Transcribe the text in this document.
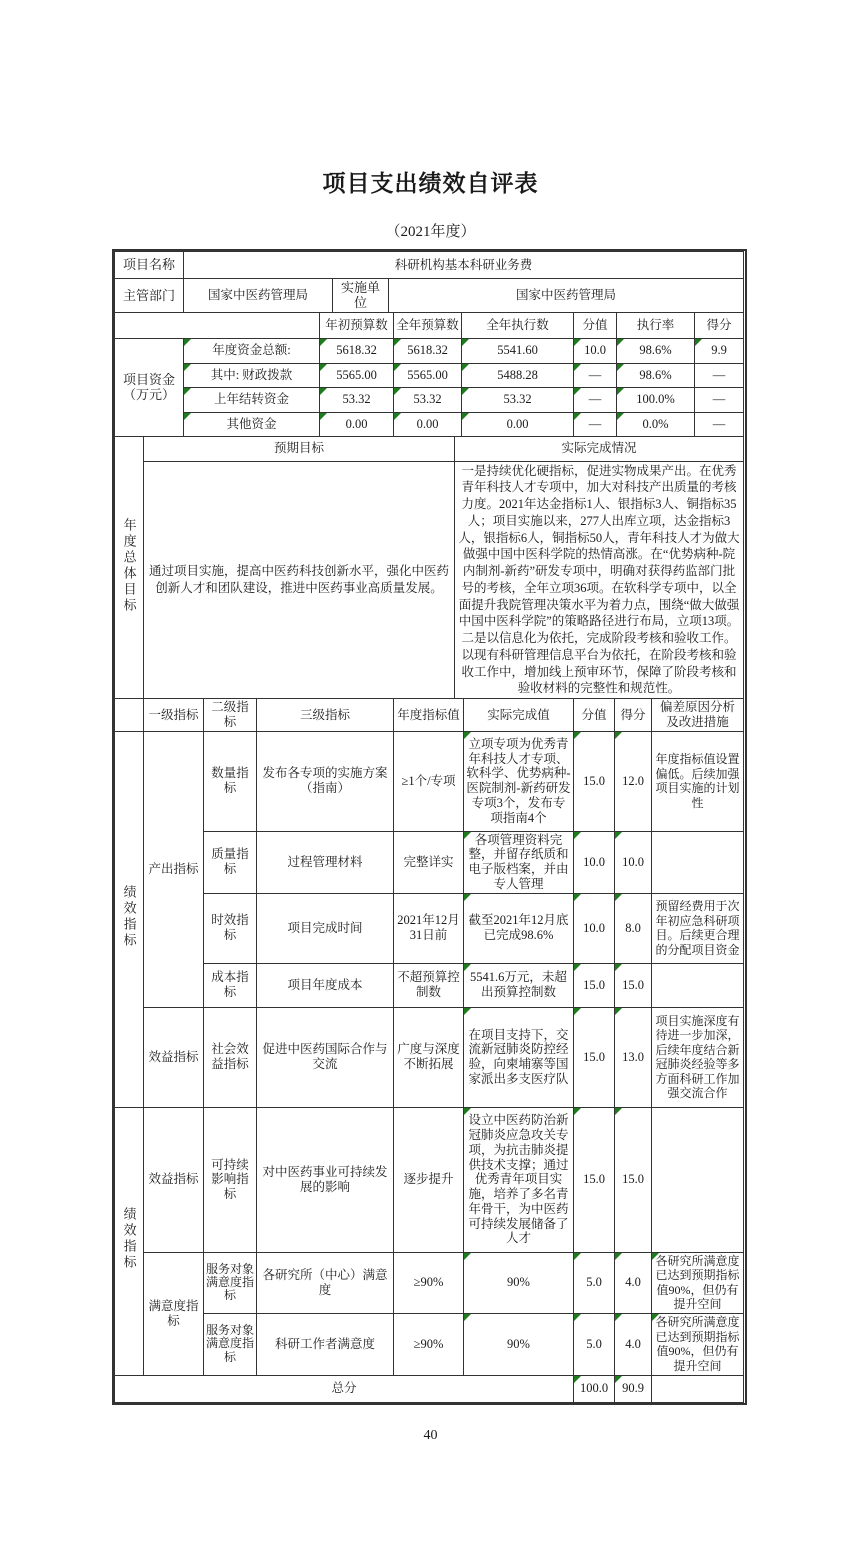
项目支出绩效自评表
（2021年度）
项目名称	科研机构基本科研业务费
主管部门	国家中医药管理局	实施单位	国家中医药管理局
		年初预算数	全年预算数	全年执行数	分值	执行率	得分
项目资金（万元）	年度资金总额:	5618.32	5618.32	5541.60	10.0	98.6%	9.9
	其中: 财政拨款	5565.00	5565.00	5488.28	—	98.6%	—
	上年结转资金	53.32	53.32	53.32	—	100.0%	—
	其他资金	0.00	0.00	0.00	—	0.0%	—
年度总体目标	预期目标	实际完成情况
	通过项目实施，提高中医药科技创新水平，强化中医药创新人才和团队建设，推进中医药事业高质量发展。	一是持续优化硬指标，促进实物成果产出。在优秀青年科技人才专项中，加大对科技产出质量的考核力度。2021年达金指标1人、银指标3人、铜指标35人；项目实施以来，277人出库立项，达金指标3人，银指标6人，铜指标50人，青年科技人才为做大做强中国中医科学院的热情高涨。在“优势病种-院内制剂-新药”研发专项中，明确对获得药监部门批号的考核，全年立项36项。在软科学专项中，以全面提升我院管理决策水平为着力点，围绕“做大做强中国中医科学院”的策略路径进行布局，立项13项。二是以信息化为依托，完成阶段考核和验收工作。以现有科研管理信息平台为依托，在阶段考核和验收工作中，增加线上预审环节，保障了阶段考核和验收材料的完整性和规范性。
	一级指标	二级指标	三级指标	年度指标值	实际完成值	分值	得分	偏差原因分析及改进措施
绩效指标	产出指标	数量指标	发布各专项的实施方案（指南）	≥1个/专项	立项专项为优秀青年科技人才专项、软科学、优势病种-医院制剂-新药研发专项3个，发布专项指南4个	15.0	12.0	年度指标值设置偏低。后续加强项目实施的计划性
		质量指标	过程管理材料	完整详实	各项管理资料完整，并留存纸质和电子版档案，并由专人管理	10.0	10.0	
		时效指标	项目完成时间	2021年12月31日前	截至2021年12月底已完成98.6%	10.0	8.0	预留经费用于次年初应急科研项目。后续更合理的分配项目资金
		成本指标	项目年度成本	不超预算控制数	5541.6万元，未超出预算控制数	15.0	15.0	
	效益指标	社会效益指标	促进中医药国际合作与交流	广度与深度不断拓展	在项目支持下，交流新冠肺炎防控经验，向柬埔寨等国家派出多支医疗队	15.0	13.0	项目实施深度有待进一步加深，后续年度结合新冠肺炎经验等多方面科研工作加强交流合作
绩效指标	效益指标	可持续影响指标	对中医药事业可持续发展的影响	逐步提升	设立中医药防治新冠肺炎应急攻关专项，为抗击肺炎提供技术支撑；通过优秀青年项目实施，培养了多名青年骨干，为中医药可持续发展储备了人才	15.0	15.0	
	满意度指标	服务对象满意度指标	各研究所（中心）满意度	≥90%	90%	5.0	4.0	各研究所满意度已达到预期指标值90%，但仍有提升空间
		服务对象满意度指标	科研工作者满意度	≥90%	90%	5.0	4.0	各研究所满意度已达到预期指标值90%，但仍有提升空间
总分						100.0	90.9	
40
